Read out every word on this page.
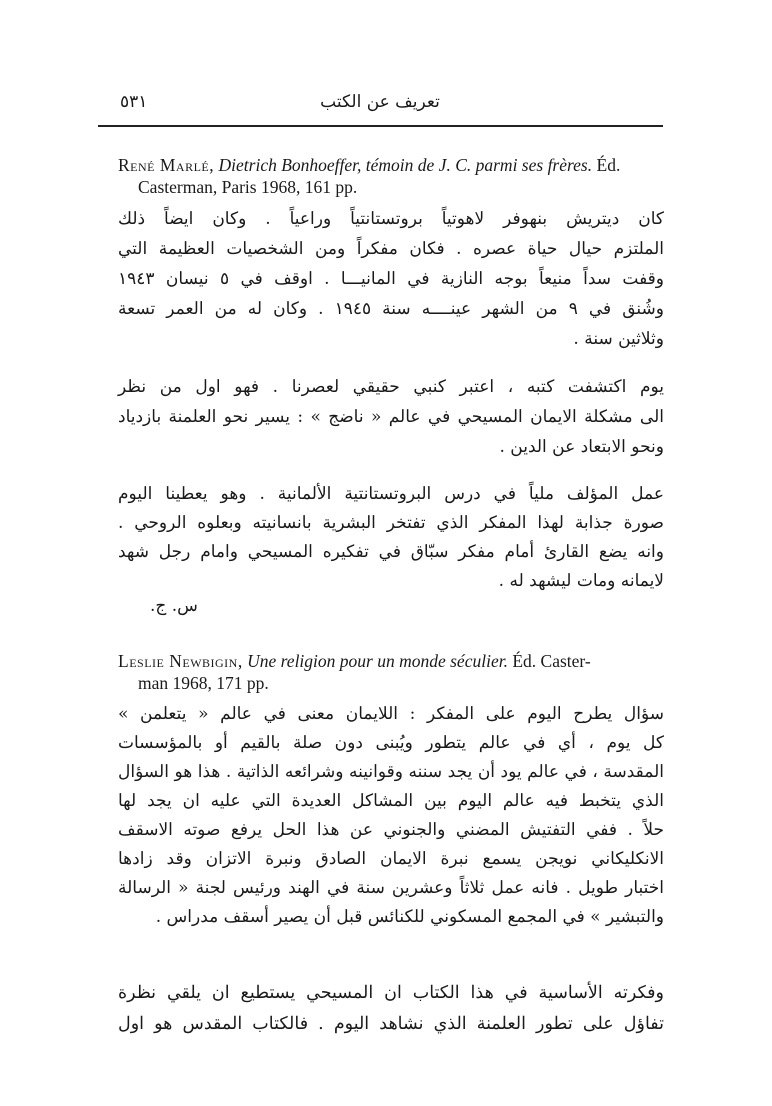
٥٣١	تعريف عن الكتب
René Marlé, Dietrich Bonhoeffer, témoin de J. C. parmi ses frères. Éd.
Casterman, Paris 1968, 161 pp.
كان ديتريش بنهوفر لاهوتياً بروتستانتياً وراعياً . وكان ايضاً ذلك
الملتزم حيال حياة عصره . فكان مفكراً ومن الشخصيات العظيمة التي
وقفت سداً منيعاً بوجه النازية في المانيـــا . اوقف في ٥ نيسان ١٩٤٣
وشُنق في ٩ من الشهر عينــــه سنة ١٩٤٥ . وكان له من العمر تسعة
وثلاثين سنة .
يوم اكتشفت كتبه ، اعتبر كنبي حقيقي لعصرنا . فهو اول من نظر
الى مشكلة الايمان المسيحي في عالم « ناضج » : يسير نحو العلمنة بازدياد
ونحو الابتعاد عن الدين .
عمل المؤلف ملياً في درس البروتستانتية الألمانية . وهو يعطينا اليوم
صورة جذابة لهذا المفكر الذي تفتخر البشرية بانسانيته وبعلوه الروحي .
وانه يضع القارئ أمام مفكر سبّاق في تفكيره المسيحي وامام رجل شهد
لايمانه ومات ليشهد له .
س. ج.
Leslie Newbigin, Une religion pour un monde séculier. Éd. Caster-
man 1968, 171 pp.
سؤال يطرح اليوم على المفكر : اللايمان معنى في عالم « يتعلمن »
كل يوم ، أي في عالم يتطور ويُبنى دون صلة بالقيم أو بالمؤسسات
المقدسة ، في عالم يود أن يجد سننه وقوانينه وشرائعه الذاتية . هذا هو السؤال
الذي يتخبط فيه عالم اليوم بين المشاكل العديدة التي عليه ان يجد لها
حلاً . ففي التفتيش المضني والجنوني عن هذا الحل يرفع صوته الاسقف
الانكليكاني نويجن يسمع نبرة الايمان الصادق ونبرة الاتزان وقد زادها
اختبار طويل . فانه عمل ثلاثاً وعشرين سنة في الهند ورئيس لجنة « الرسالة
والتبشير » في المجمع المسكوني للكنائس قبل أن يصير أسقف مدراس .
وفكرته الأساسية في هذا الكتاب ان المسيحي يستطيع ان يلقي نظرة
تفاؤل على تطور العلمنة الذي نشاهد اليوم . فالكتاب المقدس هو اول
